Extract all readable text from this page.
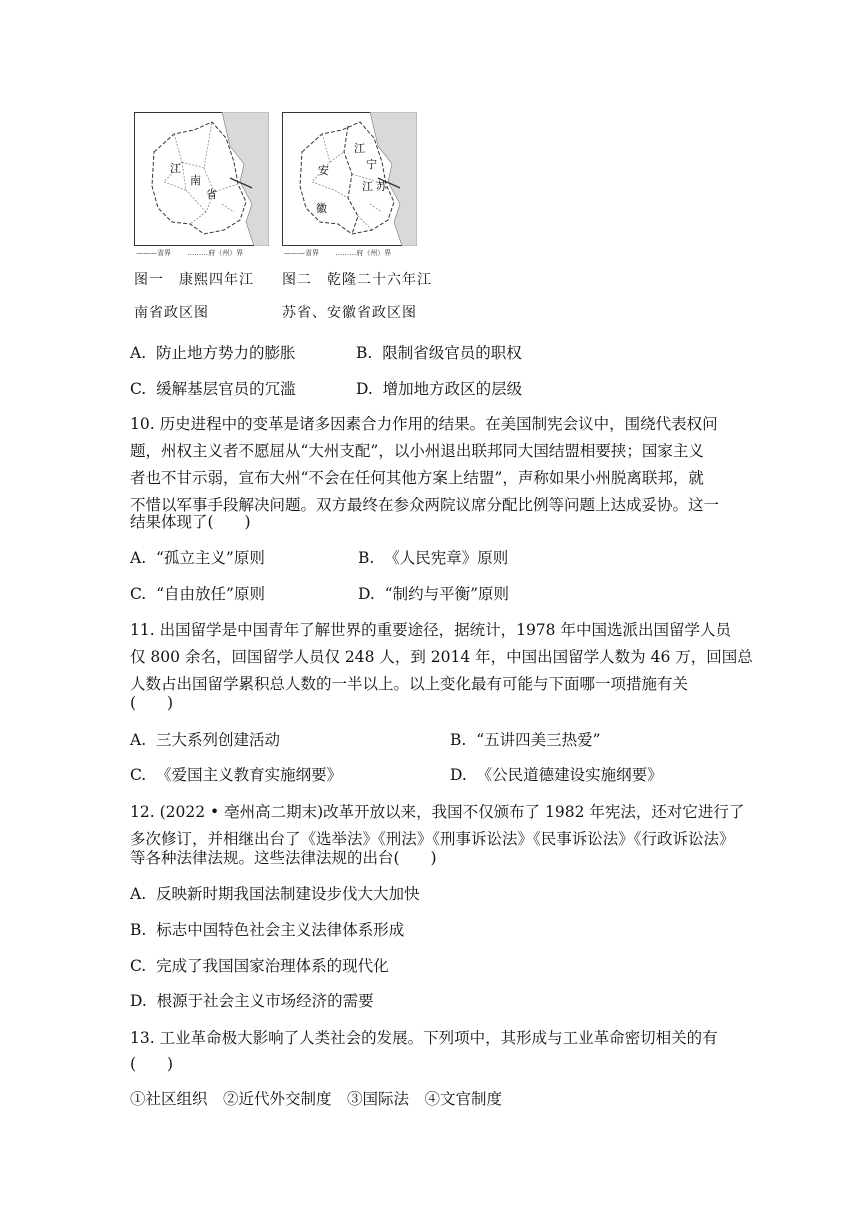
江
南
省
———省界 ………府（州）界
江
宁
安
江 苏
徽
———省界 ………府（州）界
图一　康熙四年江 图二　乾隆二十六年江
南省政区图	苏省、安徽省政区图
A. 防止地方势力的膨胀	B. 限制省级官员的职权
C. 缓解基层官员的冗滥	D. 增加地方政区的层级
10. 历史进程中的变革是诸多因素合力作用的结果。在美国制宪会议中，围绕代表权问
题，州权主义者不愿屈从“大州支配”，以小州退出联邦同大国结盟相要挟；国家主义
者也不甘示弱，宣布大州“不会在任何其他方案上结盟”，声称如果小州脱离联邦，就
不惜以军事手段解决问题。双方最终在参众两院议席分配比例等问题上达成妥协。这一
结果体现了(　　)
A. “孤立主义”原则	B. 《人民宪章》原则
C. “自由放任”原则	D. “制约与平衡”原则
11. 出国留学是中国青年了解世界的重要途径，据统计，1978 年中国选派出国留学人员
仅 800 余名，回国留学人员仅 248 人，到 2014 年，中国出国留学人数为 46 万，回国总
人数占出国留学累积总人数的一半以上。以上变化最有可能与下面哪一项措施有关
(　　)
A. 三大系列创建活动	B. “五讲四美三热爱”
C. 《爱国主义教育实施纲要》	D. 《公民道德建设实施纲要》
12. (2022 • 亳州高二期末)改革开放以来，我国不仅颁布了 1982 年宪法，还对它进行了
多次修订，并相继出台了《选举法》《刑法》《刑事诉讼法》《民事诉讼法》《行政诉讼法》
等各种法律法规。这些法律法规的出台(　　)
A. 反映新时期我国法制建设步伐大大加快
B. 标志中国特色社会主义法律体系形成
C. 完成了我国国家治理体系的现代化
D. 根源于社会主义市场经济的需要
13. 工业革命极大影响了人类社会的发展。下列项中，其形成与工业革命密切相关的有
(　　)
①社区组织　②近代外交制度　③国际法　④文官制度
